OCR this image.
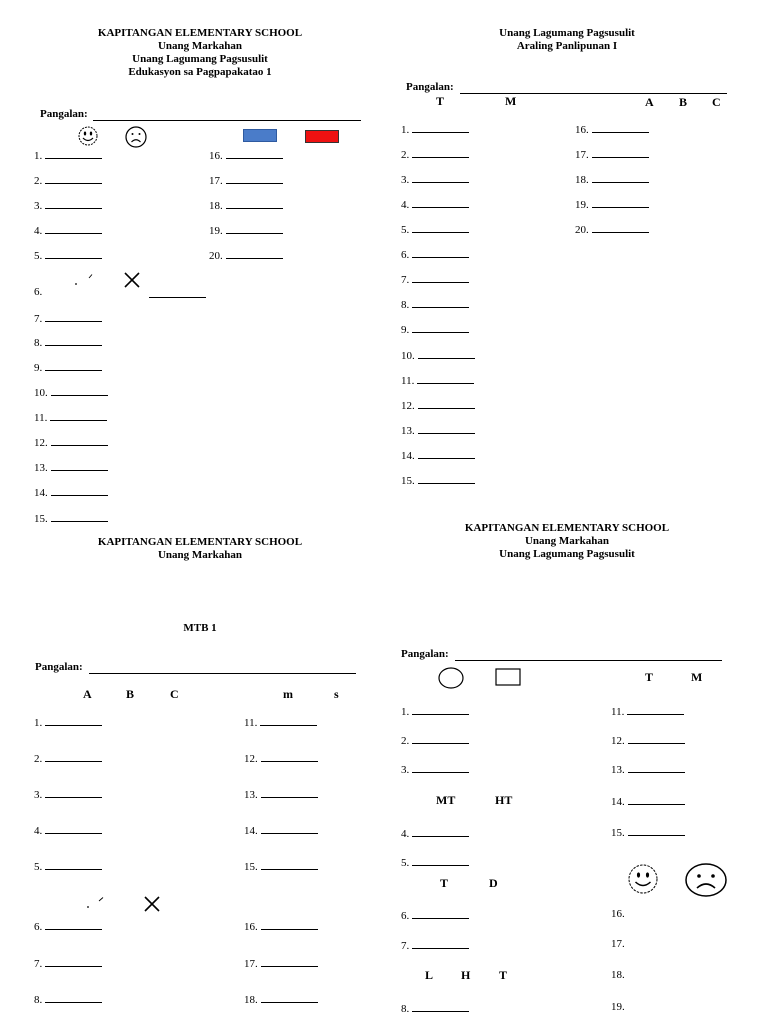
KAPITANGAN ELEMENTARY SCHOOL
Unang Markahan
Unang Lagumang Pagsusulit
Edukasyon sa Pagpapakatao 1
Pangalan:
1.
2.
3.
4.
5.
6.
7.
8.
9.
10.
11.
12.
13.
14.
15.
16.
17.
18.
19.
20.
Unang Lagumang Pagsusulit
Araling Panlipunan I
Pangalan:
T	M	A B C
1.
2.
3.
4.
5.
6.
7.
8.
9.
10.
11.
12.
13.
14.
15.
16.
17.
18.
19.
20.
KAPITANGAN ELEMENTARY SCHOOL
Unang Markahan
MTB 1
Pangalan:
A	B	C	m	s
1.
2.
3.
4.
5.
6.
7.
8.
11.
12.
13.
14.
15.
16.
17.
18.
KAPITANGAN ELEMENTARY SCHOOL
Unang Markahan
Unang Lagumang Pagsusulit
Pangalan:
T	M
1.
2.
3.
MT	HT
4.
5.
T	D
6.
7.
L H T
8.
11.
12.
13.
14.
15.
16.
17.
18.
19.
